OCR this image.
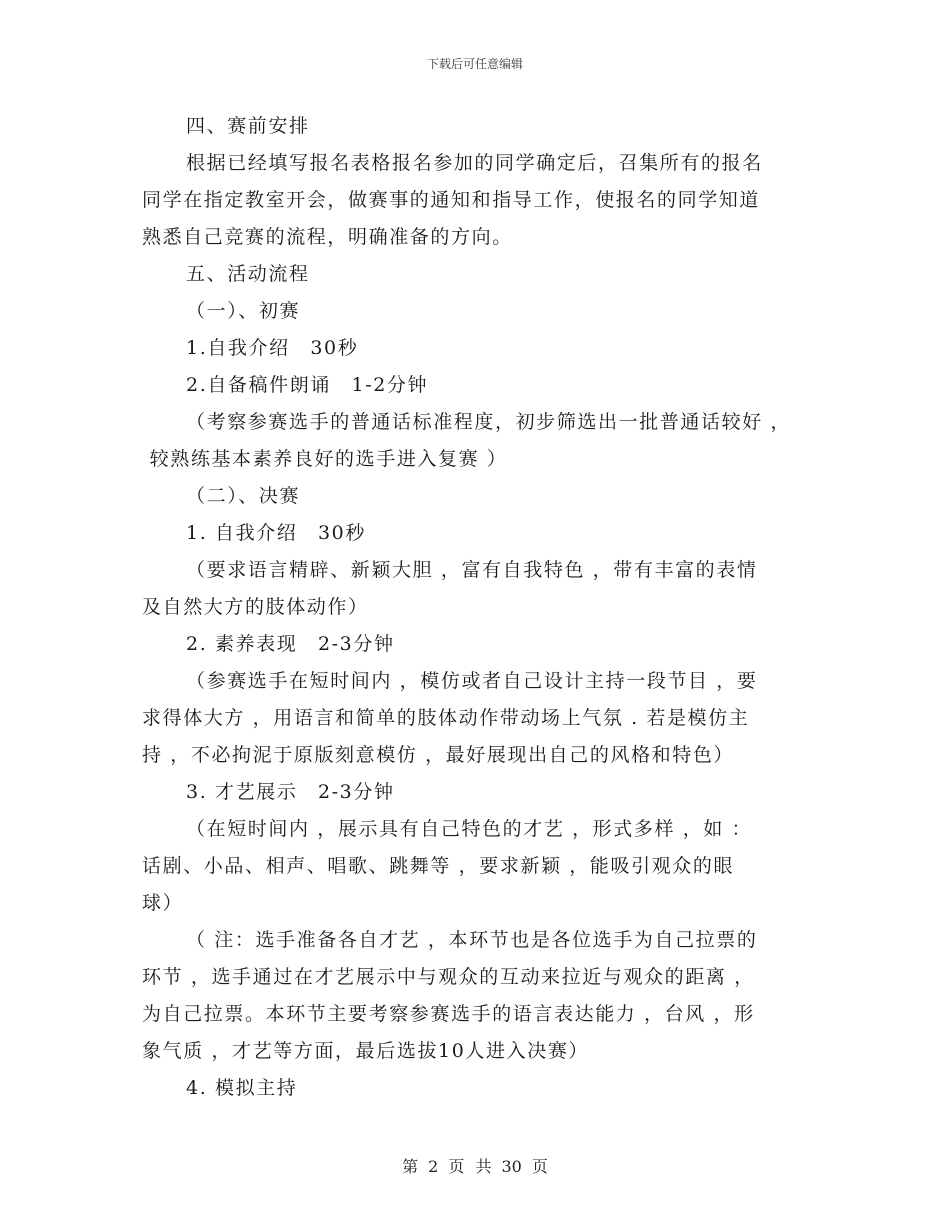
下载后可任意编辑
四、赛前安排
根据已经填写报名表格报名参加的同学确定后，召集所有的报名
同学在指定教室开会，做赛事的通知和指导工作，使报名的同学知道
熟悉自己竞赛的流程，明确准备的方向。
五、活动流程
（一）、初赛
1.自我介绍　30秒
2.自备稿件朗诵　1-2分钟
（考察参赛选手的普通话标准程度，初步筛选出一批普通话较好 ，
较熟练基本素养良好的选手进入复赛 ）
（二）、决赛
1. 自我介绍　30秒
（要求语言精辟、新颖大胆 ，富有自我特色 ，带有丰富的表情
及自然大方的肢体动作）
2. 素养表现　2-3分钟
（参赛选手在短时间内 ，模仿或者自己设计主持一段节目 ，要
求得体大方 ，用语言和简单的肢体动作带动场上气氛 . 若是模仿主
持 ，不必拘泥于原版刻意模仿 ，最好展现出自己的风格和特色）
3. 才艺展示　2-3分钟
（在短时间内 ，展示具有自己特色的才艺 ，形式多样 ，如 ：
话剧、小品、相声、唱歌、跳舞等 ，要求新颖 ，能吸引观众的眼
球）
（ 注：选手准备各自才艺 ，本环节也是各位选手为自己拉票的
环节 ，选手通过在才艺展示中与观众的互动来拉近与观众的距离 ，
为自己拉票。本环节主要考察参赛选手的语言表达能力 ，台风 ，形
象气质 ，才艺等方面，最后选拔10人进入决赛）
4. 模拟主持
第 2 页 共 30 页
